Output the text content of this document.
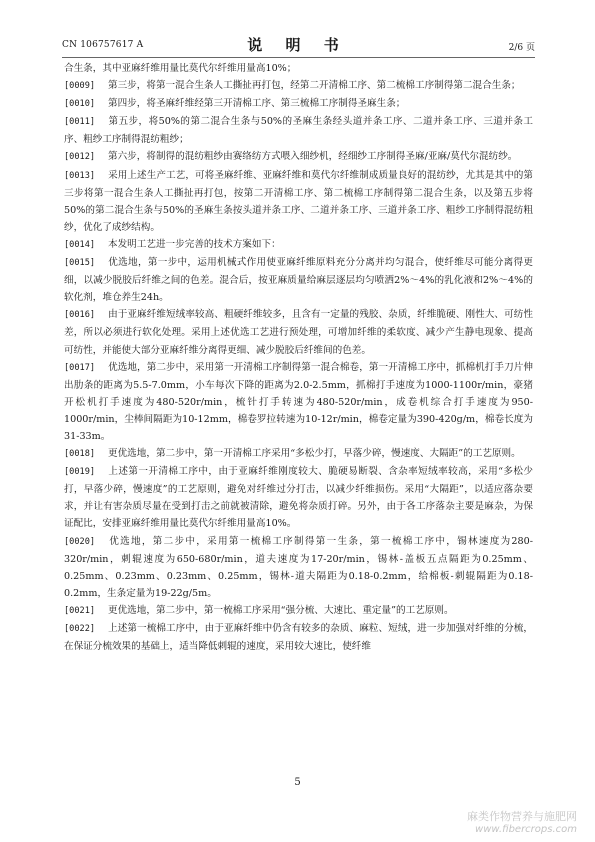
CN 106757617 A	说 明 书	2/6 页

合生条，其中亚麻纤维用量比莫代尔纤维用量高10%；

[0009] 第三步，将第一混合生条人工撕扯再打包，经第二开清棉工序、第二梳棉工序制得第二混合生条；

[0010] 第四步，将圣麻纤维经第三开清棉工序、第三梳棉工序制得圣麻生条；

[0011] 第五步，将50%的第二混合生条与50%的圣麻生条经头道并条工序、二道并条工序、三道并条工序、粗纱工序制得混纺粗纱；

[0012] 第六步，将制得的混纺粗纱由赛络纺方式喂入细纱机，经细纱工序制得圣麻/亚麻/莫代尔混纺纱。

[0013] 采用上述生产工艺，可将圣麻纤维、亚麻纤维和莫代尔纤维制成质量良好的混纺纱，尤其是其中的第三步将第一混合生条人工撕扯再打包，按第二开清棉工序、第二梳棉工序制得第二混合生条，以及第五步将50%的第二混合生条与50%的圣麻生条按头道并条工序、二道并条工序、三道并条工序、粗纱工序制得混纺粗纱，优化了成纱结构。

[0014] 本发明工艺进一步完善的技术方案如下：

[0015] 优选地，第一步中，运用机械式作用使亚麻纤维原料充分分离并均匀混合，使纤维尽可能分离得更细，以减少脱胶后纤维之间的色差。混合后，按亚麻质量给麻层逐层均匀喷洒2%～4%的乳化液和2%～4%的软化剂，堆仓养生24h。

[0016] 由于亚麻纤维短绒率较高、粗硬纤维较多，且含有一定量的残胶、杂质，纤维脆硬、刚性大、可纺性差，所以必须进行软化处理。采用上述优选工艺进行预处理，可增加纤维的柔软度、减少产生静电现象、提高可纺性，并能使大部分亚麻纤维分离得更细、减少脱胶后纤维间的色差。

[0017] 优选地，第二步中，采用第一开清棉工序制得第一混合棉卷，第一开清棉工序中，抓棉机打手刀片伸出肋条的距离为5.5-7.0mm，小车每次下降的距离为2.0-2.5mm，抓棉打手速度为1000-1100r/min，豪猪开松机打手速度为480-520r/min，梳针打手转速为480-520r/min，成卷机综合打手速度为950-1000r/min，尘棒间隔距为10-12mm，棉卷罗拉转速为10-12r/min，棉卷定量为390-420g/m，棉卷长度为31-33m。

[0018] 更优选地，第二步中，第一开清棉工序采用“多松少打，早落少碎，慢速度、大隔距”的工艺原则。

[0019] 上述第一开清棉工序中，由于亚麻纤维刚度较大、脆硬易断裂、含杂率短绒率较高，采用“多松少打，早落少碎，慢速度”的工艺原则，避免对纤维过分打击，以减少纤维损伤。采用“大隔距”，以适应落杂要求，并让有害杂质尽量在受到打击之前就被清除，避免将杂质打碎。另外，由于各工序落杂主要是麻杂，为保证配比，安排亚麻纤维用量比莫代尔纤维用量高10%。

[0020] 优选地，第二步中，采用第一梳棉工序制得第一生条，第一梳棉工序中，锡林速度为280-320r/min，刺辊速度为650-680r/min，道夫速度为17-20r/min，锡林-盖板五点隔距为0.25mm、0.25mm、0.23mm、0.23mm、0.25mm，锡林-道夫隔距为0.18-0.2mm，给棉板-刺辊隔距为0.18-0.2mm，生条定量为19-22g/5m。

[0021] 更优选地，第二步中，第一梳棉工序采用“强分梳、大速比、重定量”的工艺原则。

[0022] 上述第一梳棉工序中，由于亚麻纤维中仍含有较多的杂质、麻粒、短绒，进一步加强对纤维的分梳，在保证分梳效果的基础上，适当降低刺辊的速度，采用较大速比，使纤维

5
麻类作物营养与施肥网
www.fibercrops.com
